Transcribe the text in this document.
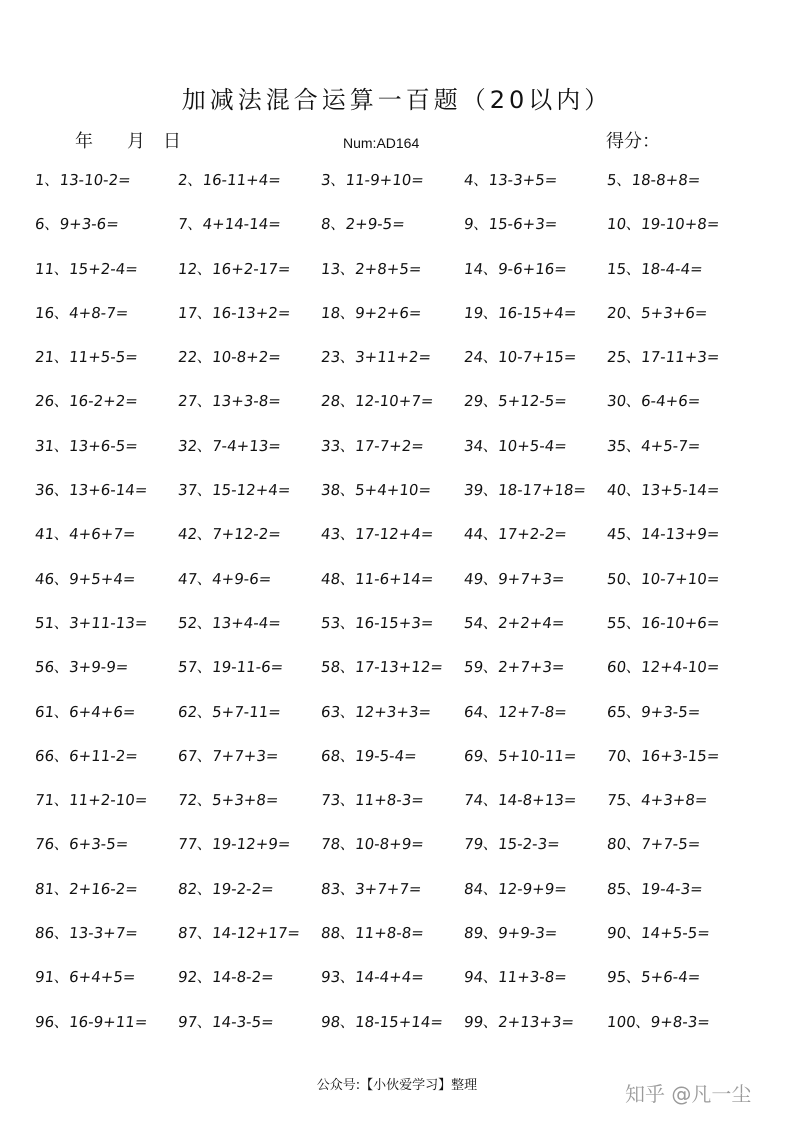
加减法混合运算一百题（20以内）
年 月 日	Num:AD164	得分：
1、13-10-2=	2、16-11+4=	3、11-9+10=	4、13-3+5=	5、18-8+8=
6、9+3-6=	7、4+14-14=	8、2+9-5=	9、15-6+3=	10、19-10+8=
11、15+2-4=	12、16+2-17=	13、2+8+5=	14、9-6+16=	15、18-4-4=
16、4+8-7=	17、16-13+2=	18、9+2+6=	19、16-15+4=	20、5+3+6=
21、11+5-5=	22、10-8+2=	23、3+11+2=	24、10-7+15=	25、17-11+3=
26、16-2+2=	27、13+3-8=	28、12-10+7=	29、5+12-5=	30、6-4+6=
31、13+6-5=	32、7-4+13=	33、17-7+2=	34、10+5-4=	35、4+5-7=
36、13+6-14=	37、15-12+4=	38、5+4+10=	39、18-17+18=	40、13+5-14=
41、4+6+7=	42、7+12-2=	43、17-12+4=	44、17+2-2=	45、14-13+9=
46、9+5+4=	47、4+9-6=	48、11-6+14=	49、9+7+3=	50、10-7+10=
51、3+11-13=	52、13+4-4=	53、16-15+3=	54、2+2+4=	55、16-10+6=
56、3+9-9=	57、19-11-6=	58、17-13+12=	59、2+7+3=	60、12+4-10=
61、6+4+6=	62、5+7-11=	63、12+3+3=	64、12+7-8=	65、9+3-5=
66、6+11-2=	67、7+7+3=	68、19-5-4=	69、5+10-11=	70、16+3-15=
71、11+2-10=	72、5+3+8=	73、11+8-3=	74、14-8+13=	75、4+3+8=
76、6+3-5=	77、19-12+9=	78、10-8+9=	79、15-2-3=	80、7+7-5=
81、2+16-2=	82、19-2-2=	83、3+7+7=	84、12-9+9=	85、19-4-3=
86、13-3+7=	87、14-12+17=	88、11+8-8=	89、9+9-3=	90、14+5-5=
91、6+4+5=	92、14-8-2=	93、14-4+4=	94、11+3-8=	95、5+6-4=
96、16-9+11=	97、14-3-5=	98、18-15+14=	99、2+13+3=	100、9+8-3=
公众号:【小伙爱学习】整理	知乎 @凡一尘
